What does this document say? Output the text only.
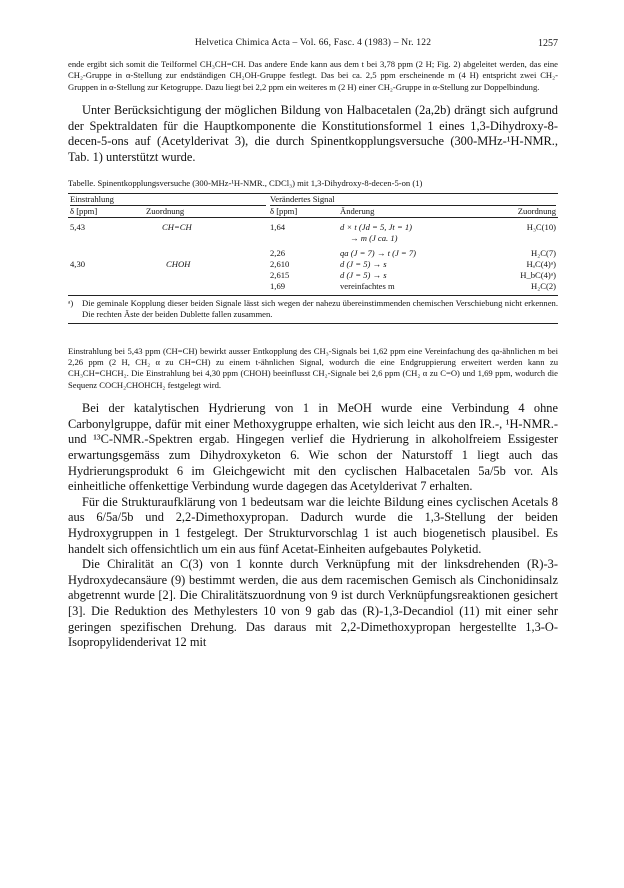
Helvetica Chimica Acta – Vol. 66, Fasc. 4 (1983) – Nr. 122	1257

ende ergibt sich somit die Teilformel CH₃CH=CH. Das andere Ende kann aus dem t bei 3,78 ppm (2 H; Fig. 2) abgeleitet werden, das eine CH₂-Gruppe in α-Stellung zur endständigen CH₂OH-Gruppe festlegt. Das bei ca. 2,5 ppm erscheinende m (4 H) entspricht zwei CH₂-Gruppen in α-Stellung zur Ketogruppe. Dazu liegt bei 2,2 ppm ein weiteres m (2 H) einer CH₂-Gruppe in α-Stellung zur Doppelbindung.

Unter Berücksichtigung der möglichen Bildung von Halbacetalen (2a,2b) drängt sich aufgrund der Spektraldaten für die Hauptkomponente die Konstitutionsformel 1 eines 1,3-Dihydroxy-8-decen-5-ons auf (Acetylderivat 3), die durch Spinentkopplungsversuche (300-MHz-¹H-NMR., Tab. 1) unterstützt wurde.

Tabelle. Spinentkopplungsversuche (300-MHz-¹H-NMR., CDCl₃) mit 1,3-Dihydroxy-8-decen-5-on (1)
Einstrahlung		Verändertes Signal		

δ [ppm]	Zuordnung	δ [ppm]	Änderung	Zuordnung

5,43	CH=CH	1,64	d × t (Jd = 5, Jt = 1)	H₃C(10)
			→ m (J ca. 1)	

		2,26	qa (J = 7) → t (J = 7)	H₂C(7)
4,30	CHOH	2,610	d (J = 5) → s	HₐC(4)ᵃ)
		2,615	d (J = 5) → s	H_bC(4)ᵃ)
		1,69	vereinfachtes m	H₂C(2)
ᵃ)	Die geminale Kopplung dieser beiden Signale lässt sich wegen der nahezu übereinstimmenden chemischen Verschiebung nicht erkennen. Die rechten Äste der beiden Dublette fallen zusammen.

Einstrahlung bei 5,43 ppm (CH=CH) bewirkt ausser Entkopplung des CH₃-Signals bei 1,62 ppm eine Vereinfachung des qa-ähnlichen m bei 2,26 ppm (2 H, CH₂ α zu CH=CH) zu einem t-ähnlichen Signal, wodurch die eine Endgruppierung erweitert werden kann zu CH₃CH=CHCH₂. Die Einstrahlung bei 4,30 ppm (CHOH) beeinflusst CH₂-Signale bei 2,6 ppm (CH₂ α zu C=O) und 1,69 ppm, wodurch die Sequenz COCH₂CHOHCH₂ festgelegt wird.

Bei der katalytischen Hydrierung von 1 in MeOH wurde eine Verbindung 4 ohne Carbonylgruppe, dafür mit einer Methoxygruppe erhalten, wie sich leicht aus den IR.-, ¹H-NMR.- und ¹³C-NMR.-Spektren ergab. Hingegen verlief die Hydrierung in alkoholfreiem Essigester erwartungsgemäss zum Dihydroxyketon 6. Wie schon der Naturstoff 1 liegt auch das Hydrierungsprodukt 6 im Gleichgewicht mit den cyclischen Halbacetalen 5a/5b vor. Als einheitliche offenkettige Verbindung wurde dagegen das Acetylderivat 7 erhalten.

Für die Strukturaufklärung von 1 bedeutsam war die leichte Bildung eines cyclischen Acetals 8 aus 6/5a/5b und 2,2-Dimethoxypropan. Dadurch wurde die 1,3-Stellung der beiden Hydroxygruppen in 1 festgelegt. Der Strukturvorschlag 1 ist auch biogenetisch plausibel. Es handelt sich offensichtlich um ein aus fünf Acetat-Einheiten aufgebautes Polyketid.

Die Chiralität an C(3) von 1 konnte durch Verknüpfung mit der linksdrehenden (R)-3-Hydroxydecansäure (9) bestimmt werden, die aus dem racemischen Gemisch als Cinchonidinsalz abgetrennt wurde [2]. Die Chiralitätszuordnung von 9 ist durch Verknüpfungsreaktionen gesichert [3]. Die Reduktion des Methylesters 10 von 9 gab das (R)-1,3-Decandiol (11) mit einer sehr geringen spezifischen Drehung. Das daraus mit 2,2-Dimethoxypropan hergestellte 1,3-O-Isopropylidenderivat 12 mit
